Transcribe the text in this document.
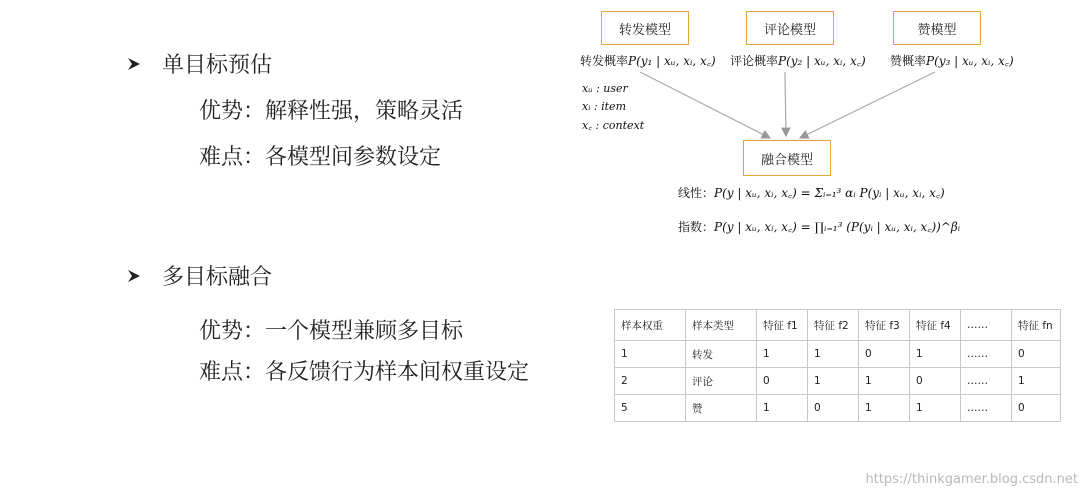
单目标预估
优势：解释性强，策略灵活
难点：各模型间参数设定
多目标融合
优势：一个模型兼顾多目标
难点：各反馈行为样本间权重设定
转发模型	评论模型	赞模型
融合模型
转发概率P(y₁ | xᵤ, xᵢ, x꜀) 评论概率P(y₂ | xᵤ, xᵢ, x꜀) 赞概率P(y₃ | xᵤ, xᵢ, x꜀)
xᵤ : user
xᵢ : item
x꜀ : context
线性：P(y | xᵤ, xᵢ, x꜀) = Σᵢ₌₁³ αᵢ P(yᵢ | xᵤ, xᵢ, x꜀)
指数：P(y | xᵤ, xᵢ, x꜀) = ∏ᵢ₌₁³ (P(yᵢ | xᵤ, xᵢ, x꜀))^βᵢ
样本权重	样本类型	特征 f1	特征 f2	特征 f3	特征 f4	……	特征 fn
1	转发	1	1	0	1	……	0
2	评论	0	1	1	0	……	1
5	赞	1	0	1	1	……	0
https://thinkgamer.blog.csdn.net
